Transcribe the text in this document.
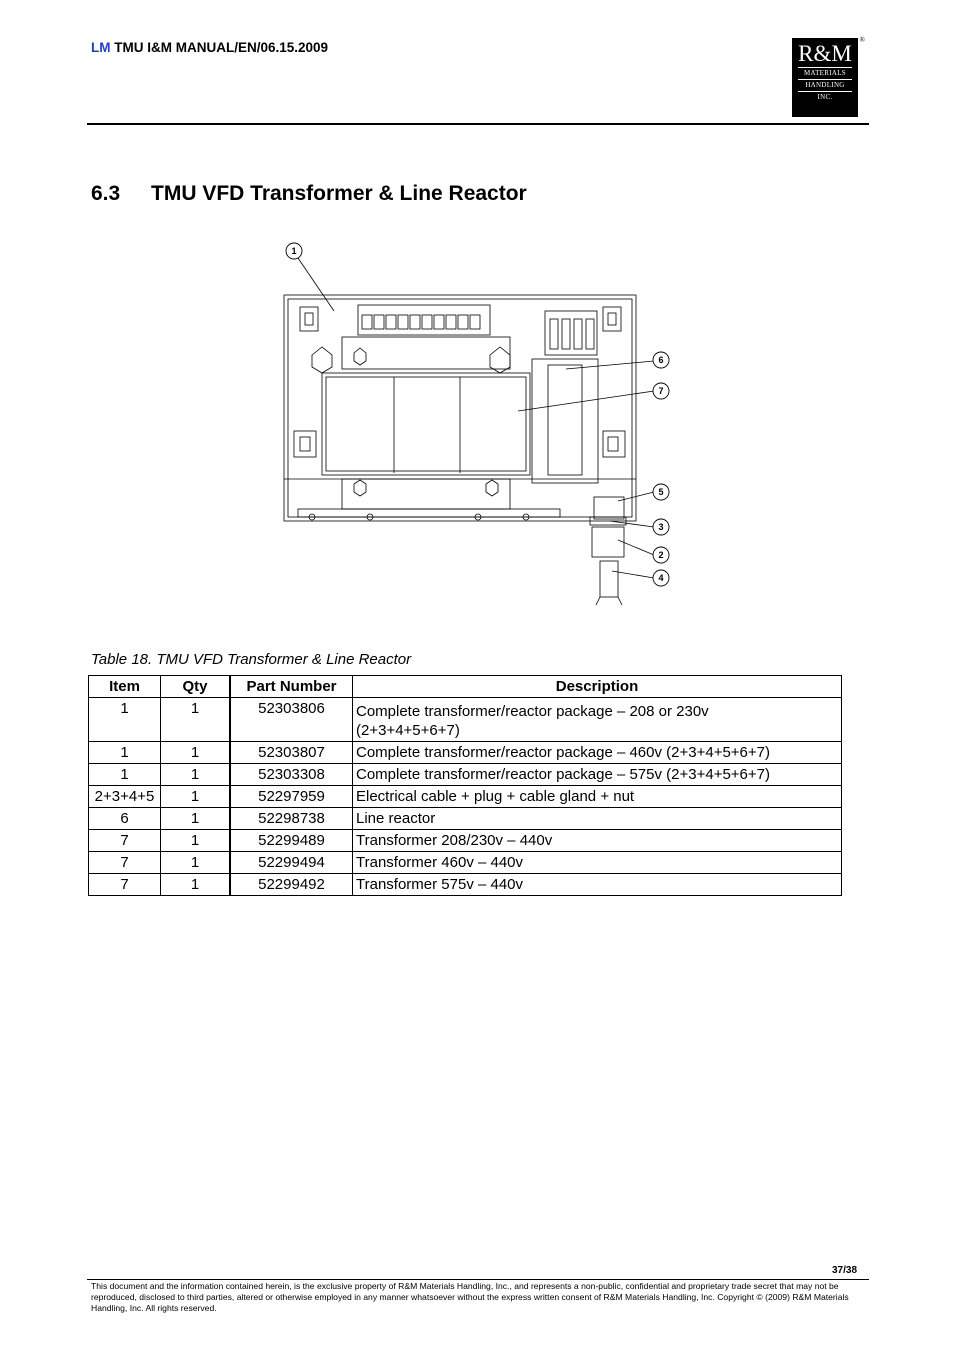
LM TMU I&M MANUAL/EN/06.15.2009	R&M
MATERIALS
HANDLING
INC.
®
6.3 TMU VFD Transformer & Line Reactor
1
6
7
5
3
2
4
Table 18. TMU VFD Transformer & Line Reactor
Item	Qty	Part Number	Description
1	1	52303806	Complete transformer/reactor package – 208 or 230v (2+3+4+5+6+7)
1	1	52303807	Complete transformer/reactor package – 460v (2+3+4+5+6+7)
1	1	52303308	Complete transformer/reactor package – 575v (2+3+4+5+6+7)
2+3+4+5	1	52297959	Electrical cable + plug + cable gland + nut
6	1	52298738	Line reactor
7	1	52299489	Transformer 208/230v – 440v
7	1	52299494	Transformer 460v – 440v
7	1	52299492	Transformer 575v – 440v
37/38
This document and the information contained herein, is the exclusive property of R&M Materials Handling, Inc., and represents a non-public, confidential and proprietary trade secret that may not be reproduced, disclosed to third parties, altered or otherwise employed in any manner whatsoever without the express written consent of R&M Materials Handling, Inc. Copyright © (2009) R&M Materials Handling, Inc. All rights reserved.
